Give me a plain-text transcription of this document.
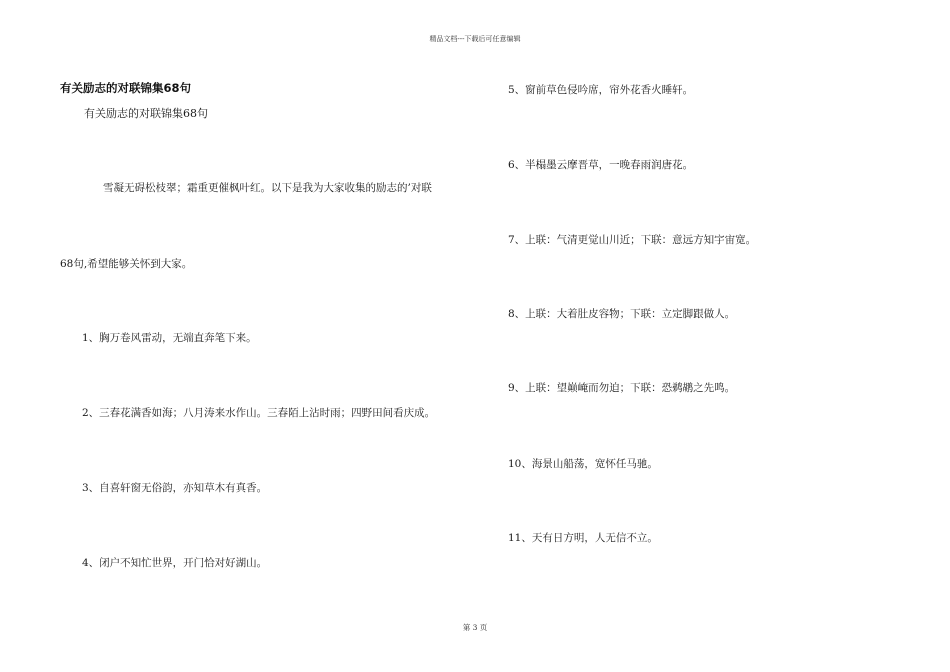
精品文档---下载后可任意编辑
有关励志的对联锦集68句
有关励志的对联锦集68句
雪凝无碍松枝翠；霜重更催枫叶红。以下是我为大家收集的励志的’对联
68句,希望能够关怀到大家。
1、胸万卷风雷动，无端直奔笔下来。
2、三春花满香如海；八月涛来水作山。三春陌上沾时雨；四野田间看庆成。
3、自喜轩窗无俗韵，亦知草木有真香。
4、闭户不知忙世界，开门恰对好湖山。
5、窗前草色侵吟席，帘外花香火睡轩。
6、半榻墨云摩晋草，一晚春雨润唐花。
7、上联：气清更觉山川近；下联：意远方知宇宙宽。
8、上联：大着肚皮容物；下联：立定脚跟做人。
9、上联：望巅崦而勿迫；下联：恐鹈鹕之先鸣。
10、海景山船荡，宽怀任马驰。
11、天有日方明，人无信不立。
第 3 页
